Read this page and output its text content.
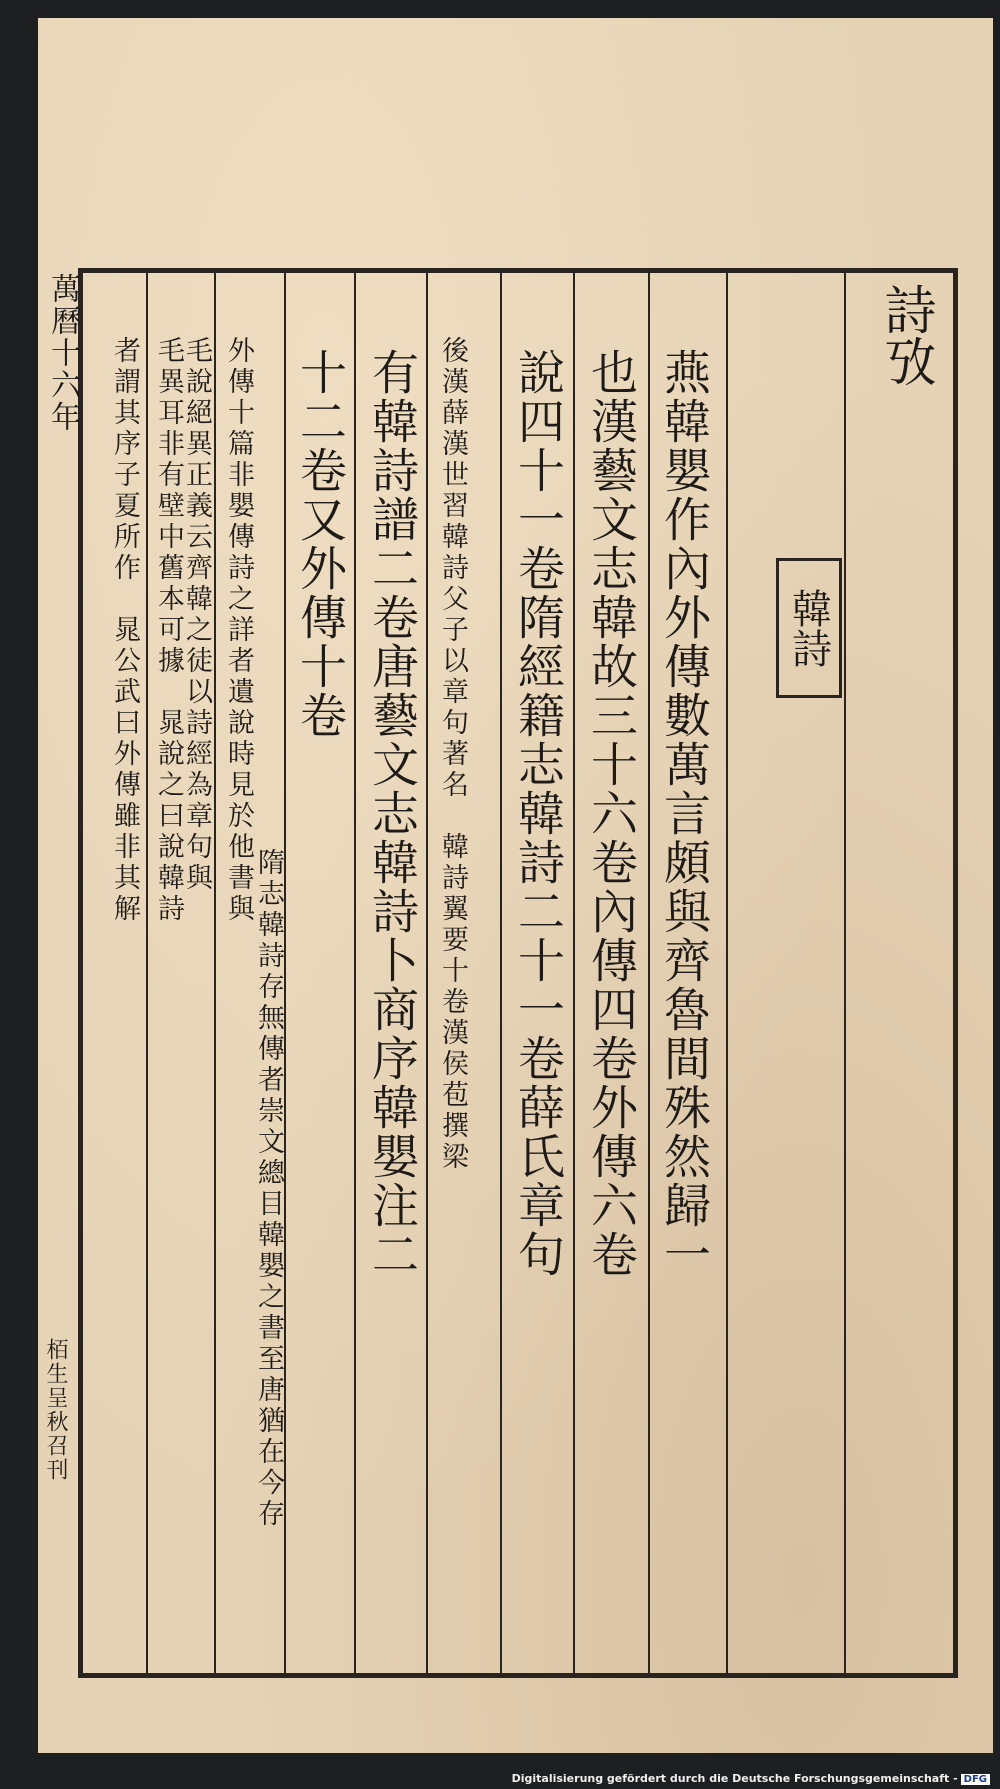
詩攷
韓詩
燕韓嬰作內外傳數萬言頗與齊魯間殊然歸一
也漢藝文志韓故三十六卷內傳四卷外傳六卷
說四十一卷隋經籍志韓詩二十一卷薛氏章句
後漢薛漢世習韓詩父子以章句著名　韓詩翼要十卷漢侯苞撰梁
有韓詩譜二卷唐藝文志韓詩卜商序韓嬰注二
十二卷又外傳十卷
隋志韓詩存無傳者崇文總目韓嬰之書至唐猶在今存
外傳十篇非嬰傳詩之詳者遺說時見於他書與
毛說絕異正義云齊韓之徒以詩經為章句與
毛異耳非有壁中舊本可據　晁說之曰說韓詩
者謂其序子夏所作　晁公武曰外傳雖非其解
萬曆十六年
栢生呈秋召刊
Digitalisierung gefördert durch die Deutsche Forschungsgemeinschaft - DFG
